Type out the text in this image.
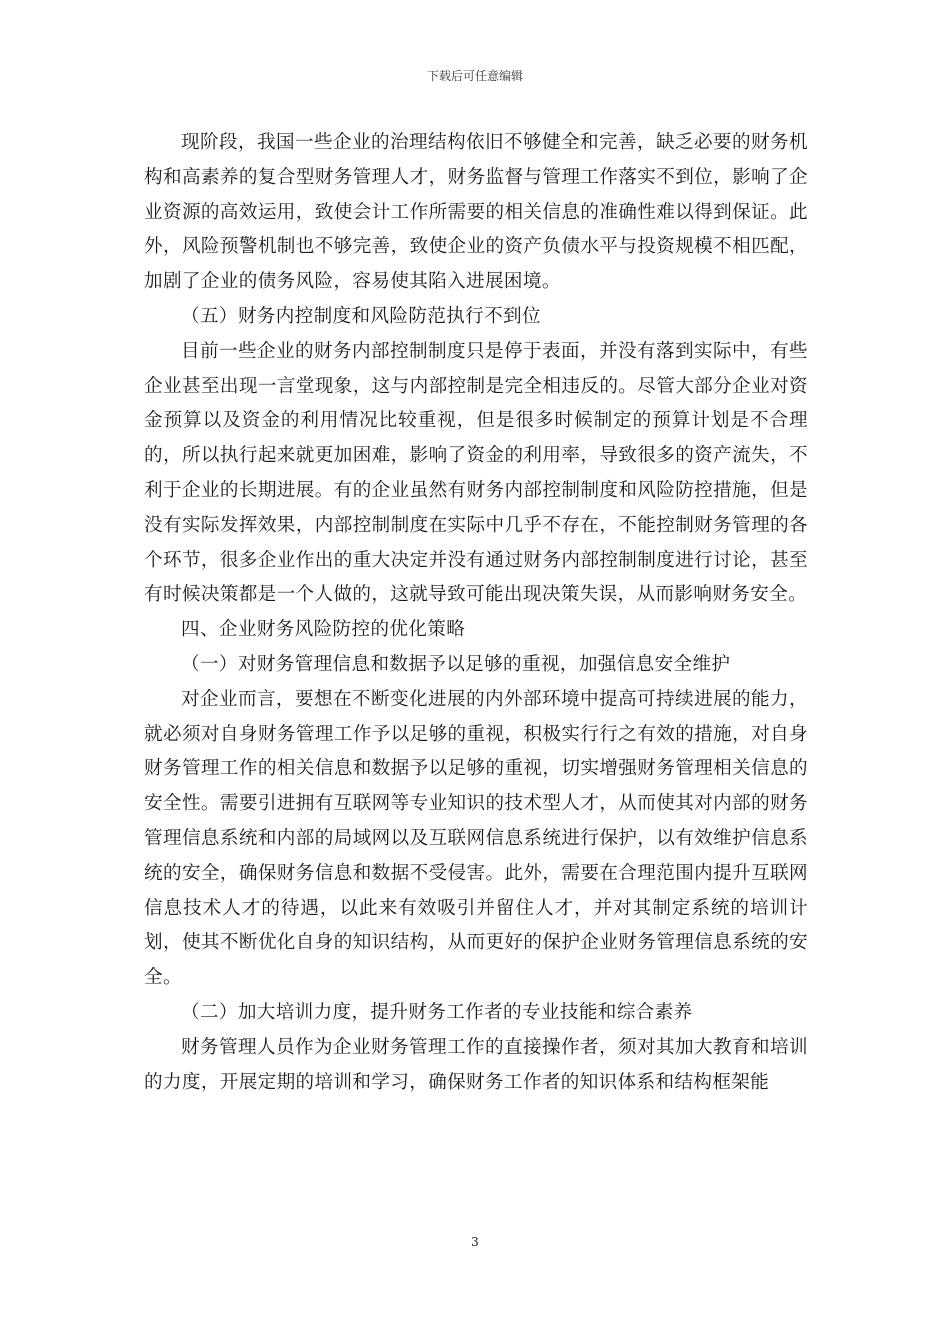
下载后可任意编辑

现阶段，我国一些企业的治理结构依旧不够健全和完善，缺乏必要的财务机构和高素养的复合型财务管理人才，财务监督与管理工作落实不到位，影响了企业资源的高效运用，致使会计工作所需要的相关信息的准确性难以得到保证。此外，风险预警机制也不够完善，致使企业的资产负债水平与投资规模不相匹配，加剧了企业的债务风险，容易使其陷入进展困境。

（五）财务内控制度和风险防范执行不到位

目前一些企业的财务内部控制制度只是停于表面，并没有落到实际中，有些企业甚至出现一言堂现象，这与内部控制是完全相违反的。尽管大部分企业对资金预算以及资金的利用情况比较重视，但是很多时候制定的预算计划是不合理的，所以执行起来就更加困难，影响了资金的利用率，导致很多的资产流失，不利于企业的长期进展。有的企业虽然有财务内部控制制度和风险防控措施，但是没有实际发挥效果，内部控制制度在实际中几乎不存在，不能控制财务管理的各个环节，很多企业作出的重大决定并没有通过财务内部控制制度进行讨论，甚至有时候决策都是一个人做的，这就导致可能出现决策失误，从而影响财务安全。

四、企业财务风险防控的优化策略

（一）对财务管理信息和数据予以足够的重视，加强信息安全维护

对企业而言，要想在不断变化进展的内外部环境中提高可持续进展的能力，就必须对自身财务管理工作予以足够的重视，积极实行行之有效的措施，对自身财务管理工作的相关信息和数据予以足够的重视，切实增强财务管理相关信息的安全性。需要引进拥有互联网等专业知识的技术型人才，从而使其对内部的财务管理信息系统和内部的局域网以及互联网信息系统进行保护，以有效维护信息系统的安全，确保财务信息和数据不受侵害。此外，需要在合理范围内提升互联网信息技术人才的待遇，以此来有效吸引并留住人才，并对其制定系统的培训计划，使其不断优化自身的知识结构，从而更好的保护企业财务管理信息系统的安全。

（二）加大培训力度，提升财务工作者的专业技能和综合素养

财务管理人员作为企业财务管理工作的直接操作者，须对其加大教育和培训的力度，开展定期的培训和学习，确保财务工作者的知识体系和结构框架能

3
